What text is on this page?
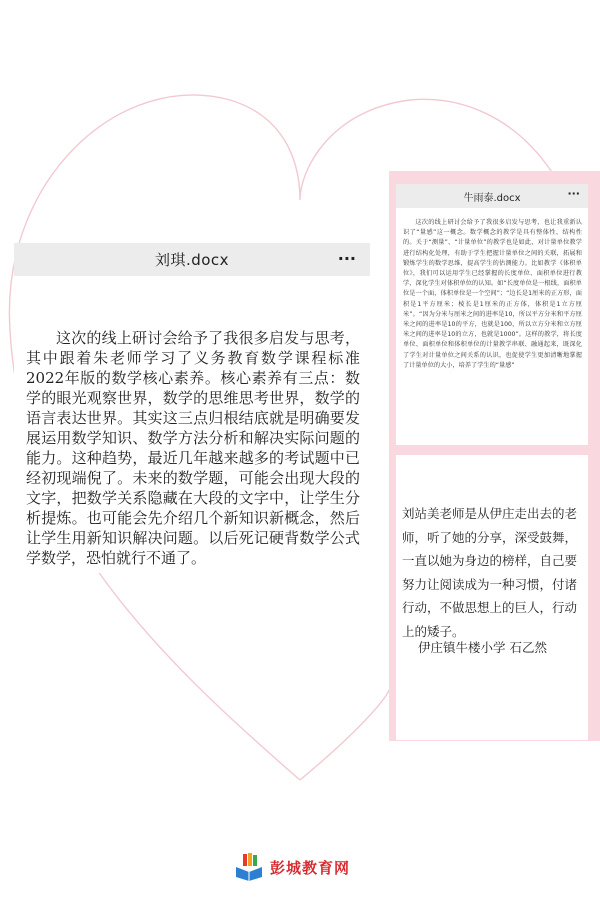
刘琪.docx	···
这次的线上研讨会给予了我很多启发与思考，其中跟着朱老师学习了义务教育数学课程标准2022年版的数学核心素养。核心素养有三点：数学的眼光观察世界，数学的思维思考世界，数学的语言表达世界。其实这三点归根结底就是明确要发展运用数学知识、数学方法分析和解决实际问题的能力。这种趋势，最近几年越来越多的考试题中已经初现端倪了。未来的数学题，可能会出现大段的文字，把数学关系隐藏在大段的文字中，让学生分析提炼。也可能会先介绍几个新知识新概念，然后让学生用新知识解决问题。以后死记硬背数学公式学数学，恐怕就行不通了。
牛雨泰.docx	···
这次的线上研讨会给予了我很多启发与思考，也让我重新认识了“量感”这一概念。数学概念的教学是具有整体性、结构性的。关于“测量”、“计量单位”的教学也是如此，对计量单位教学进行结构化处理，有助于学生把握计量单位之间的关联，拓展和锻炼学生的数学思维，提高学生的估测能力。比如教学《体积单位》，我们可以运用学生已经掌握的长度单位、面积单位进行教学，深化学生对体积单位的认知。如“长度单位是一根线，面积单位是一个面，体积单位是一个空间”；“边长是1厘米的正方形，面积是1平方厘米；棱长是1厘米的正方体，体积是1立方厘米”。“因为分米与厘米之间的进率是10，所以平方分米和平方厘米之间的进率是10的平方，也就是100，所以立方分米和立方厘米之间的进率是10的立方，也就是1000”。这样的教学，将长度单位、面积单位和体积单位的计量教学串联、融通起来，既深化了学生对计量单位之间关系的认识，也促使学生更加清晰地掌握了计量单位的大小，培养了学生的“量感”
刘站美老师是从伊庄走出去的老师，听了她的分享，深受鼓舞，一直以她为身边的榜样，自己要努力让阅读成为一种习惯，付诸行动，不做思想上的巨人，行动上的矮子。
伊庄镇牛楼小学 石乙然
彭城教育网
